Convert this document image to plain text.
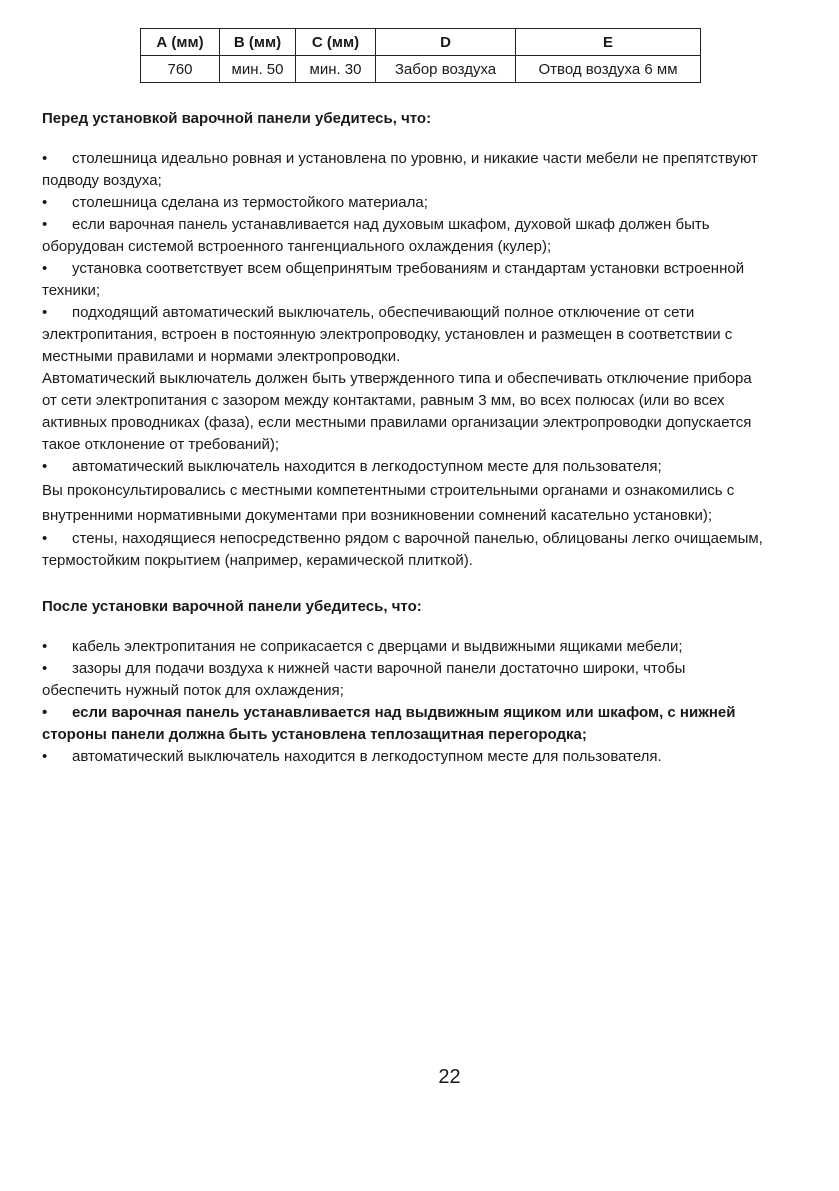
А (мм)	В (мм)	С (мм)	D	E
760	мин. 50	мин. 30	Забор воздуха	Отвод воздуха 6 мм

Перед установкой варочной панели убедитесь, что:

• столешница идеально ровная и установлена по уровню, и никакие части мебели не препятствуют подводу воздуха;

• столешница сделана из термостойкого материала;

• если варочная панель устанавливается над духовым шкафом, духовой шкаф должен быть оборудован системой встроенного тангенциального охлаждения (кулер);

• установка соответствует всем общепринятым требованиям и стандартам установки встроенной техники;

• подходящий автоматический выключатель, обеспечивающий полное отключение от сети электропитания, встроен в постоянную электропроводку, установлен и размещен в соответствии с местными правилами и нормами электропроводки.

Автоматический выключатель должен быть утвержденного типа и обеспечивать отключение прибора от сети электропитания с зазором между контактами, равным 3 мм, во всех полюсах (или во всех активных проводниках (фаза), если местными правилами организации электропроводки допускается такое отклонение от требований);

• автоматический выключатель находится в легкодоступном месте для пользователя;

Вы проконсультировались с местными компетентными строительными органами и ознакомились с внутренними нормативными документами при возникновении сомнений касательно установки);

• стены, находящиеся непосредственно рядом с варочной панелью, облицованы легко очищаемым, термостойким покрытием (например, керамической плиткой).

После установки варочной панели убедитесь, что:

• кабель электропитания не соприкасается с дверцами и выдвижными ящиками мебели;

• зазоры для подачи воздуха к нижней части варочной панели достаточно широки, чтобы обеспечить нужный поток для охлаждения;

• если варочная панель устанавливается над выдвижным ящиком или шкафом, с нижней стороны панели должна быть установлена теплозащитная перегородка;

• автоматический выключатель находится в легкодоступном месте для пользователя.

22
